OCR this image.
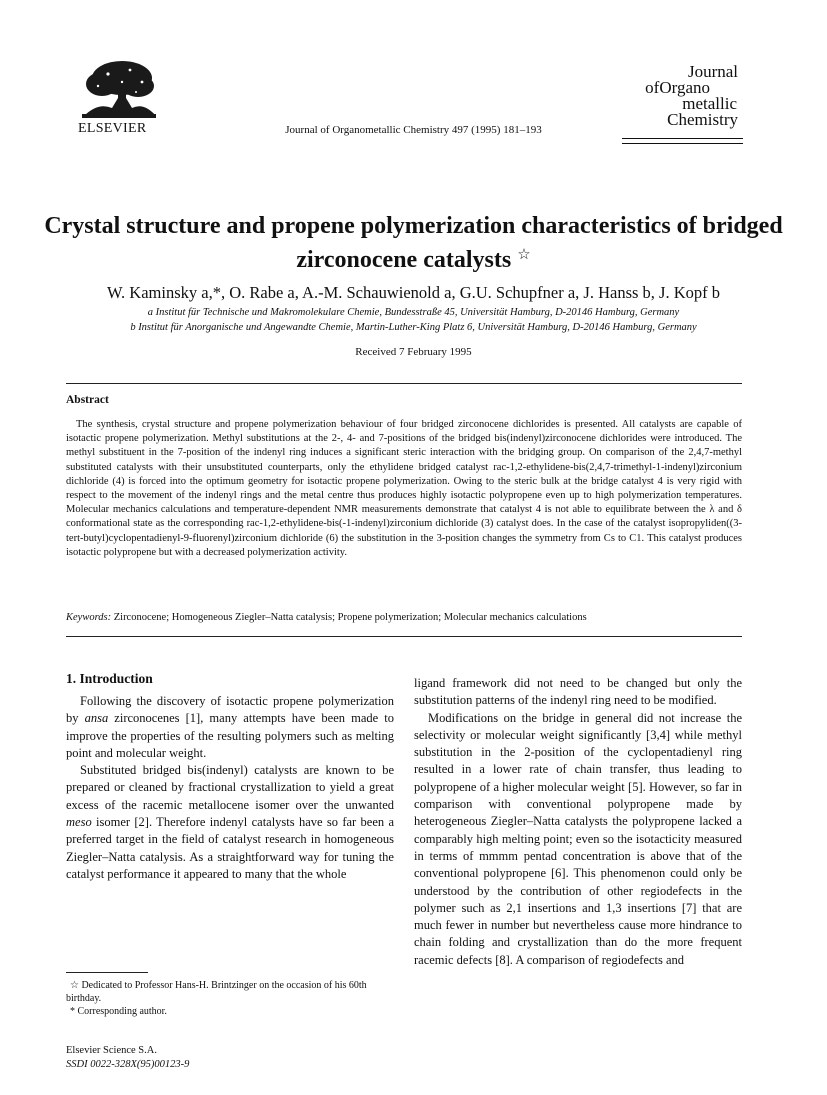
ELSEVIER	Journal of Organometallic Chemistry 497 (1995) 181–193
Journal
ofOrgano
metallic
Chemistry
Crystal structure and propene polymerization characteristics of bridged
zirconocene catalysts ☆
W. Kaminsky a,*, O. Rabe a, A.-M. Schauwienold a, G.U. Schupfner a, J. Hanss b, J. Kopf b
a Institut für Technische und Makromolekulare Chemie, Bundesstraße 45, Universität Hamburg, D-20146 Hamburg, Germany
b Institut für Anorganische und Angewandte Chemie, Martin-Luther-King Platz 6, Universität Hamburg, D-20146 Hamburg, Germany
Received 7 February 1995
Abstract
The synthesis, crystal structure and propene polymerization behaviour of four bridged zirconocene dichlorides is presented. All catalysts are capable of isotactic propene polymerization. Methyl substitutions at the 2-, 4- and 7-positions of the bridged bis(indenyl)zirconocene dichlorides were introduced. The methyl substituent in the 7-position of the indenyl ring induces a significant steric interaction with the bridging group. On comparison of the 2,4,7-methyl substituted catalysts with their unsubstituted counterparts, only the ethylidene bridged catalyst rac-1,2-ethylidene-bis(2,4,7-trimethyl-1-indenyl)zirconium dichloride (4) is forced into the optimum geometry for isotactic propene polymerization. Owing to the steric bulk at the bridge catalyst 4 is very rigid with respect to the movement of the indenyl rings and the metal centre thus produces highly isotactic polypropene even up to high polymerization temperatures. Molecular mechanics calculations and temperature-dependent NMR measurements demonstrate that catalyst 4 is not able to equilibrate between the λ and δ conformational state as the corresponding rac-1,2-ethylidene-bis(-1-indenyl)zirconium dichloride (3) catalyst does. In the case of the catalyst isopropyliden((3-tert-butyl)cyclopentadienyl-9-fluorenyl)zirconium dichloride (6) the substitution in the 3-position changes the symmetry from Cs to C1. This catalyst produces isotactic polypropene but with a decreased polymerization activity.
Keywords: Zirconocene; Homogeneous Ziegler–Natta catalysis; Propene polymerization; Molecular mechanics calculations
1. Introduction

Following the discovery of isotactic propene polymerization by ansa zirconocenes [1], many attempts have been made to improve the properties of the resulting polymers such as melting point and molecular weight.

Substituted bridged bis(indenyl) catalysts are known to be prepared or cleaned by fractional crystallization to yield a great excess of the racemic metallocene isomer over the unwanted meso isomer [2]. Therefore indenyl catalysts have so far been a preferred target in the field of catalyst research in homogeneous Ziegler–Natta catalysis. As a straightforward way for tuning the catalyst performance it appeared to many that the whole

☆ Dedicated to Professor Hans-H. Brintzinger on the occasion of his 60th birthday.

* Corresponding author.

Elsevier Science S.A.
SSDI 0022-328X(95)00123-9

ligand framework did not need to be changed but only the substitution patterns of the indenyl ring need to be modified.

Modifications on the bridge in general did not increase the selectivity or molecular weight significantly [3,4] while methyl substitution in the 2-position of the cyclopentadienyl ring resulted in a lower rate of chain transfer, thus leading to polypropene of a higher molecular weight [5]. However, so far in comparison with conventional polypropene made by heterogeneous Ziegler–Natta catalysts the polypropene lacked a comparably high melting point; even so the isotacticity measured in terms of mmmm pentad concentration is above that of the conventional polypropene [6]. This phenomenon could only be understood by the contribution of other regiodefects in the polymer such as 2,1 insertions and 1,3 insertions [7] that are much fewer in number but nevertheless cause more hindrance to chain folding and crystallization than do the more frequent racemic defects [8]. A comparison of regiodefects and
